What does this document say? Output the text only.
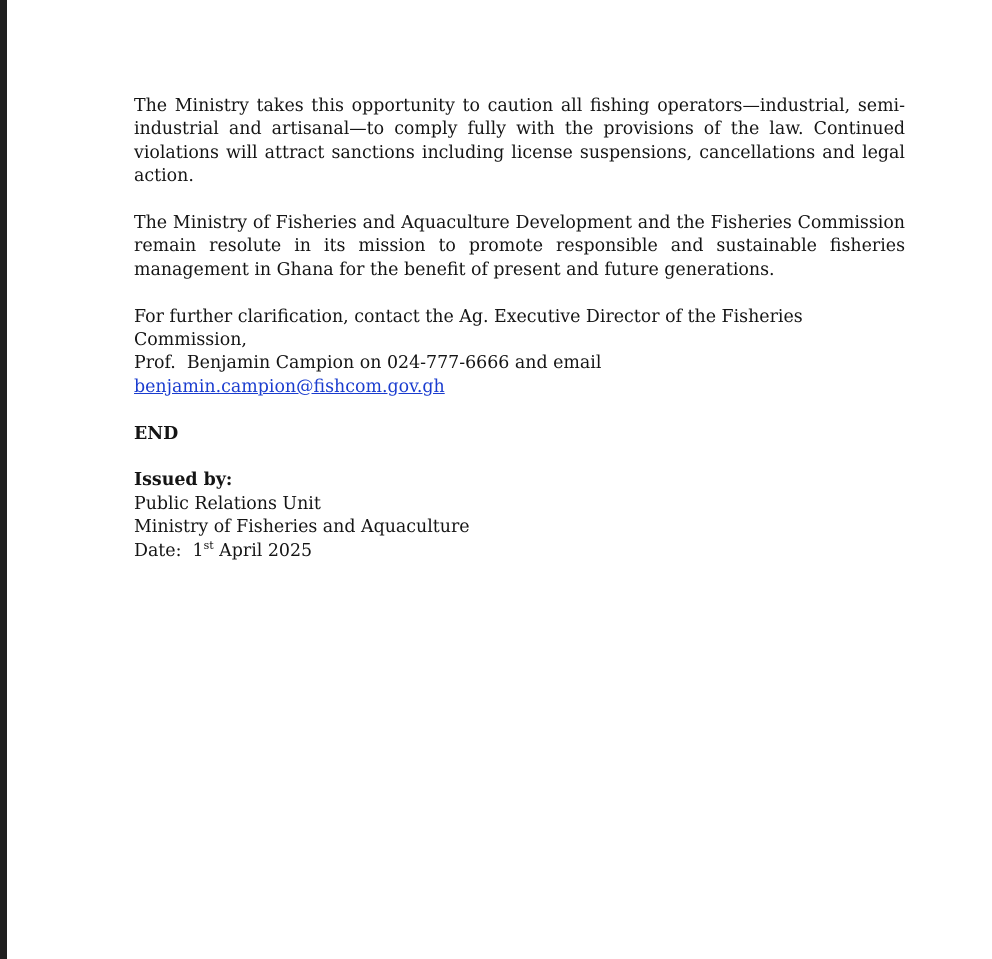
The Ministry takes this opportunity to caution all fishing operators—industrial, semi-industrial and artisanal—to comply fully with the provisions of the law. Continued violations will attract sanctions including license suspensions, cancellations and legal action.

The Ministry of Fisheries and Aquaculture Development and the Fisheries Commission remain resolute in its mission to promote responsible and sustainable fisheries management in Ghana for the benefit of present and future generations.

For further clarification, contact the Ag. Executive Director of the Fisheries Commission,
Prof.  Benjamin Campion on 024-777-6666 and email benjamin.campion@fishcom.gov.gh

END

Issued by:
Public Relations Unit
Ministry of Fisheries and Aquaculture
Date:  1st April 2025
